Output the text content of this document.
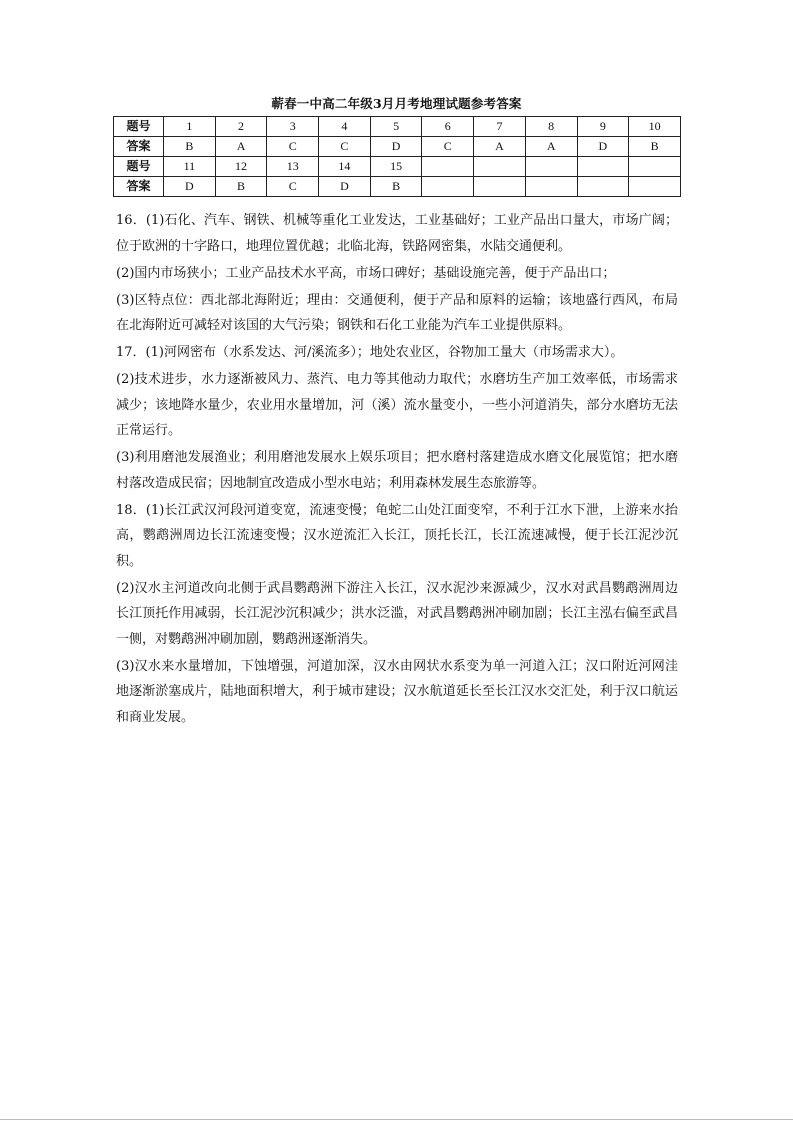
蕲春一中高二年级3月月考地理试题参考答案
题号	1	2	3	4	5	6	7	8	9	10
答案	B	A	C	C	D	C	A	A	D	B
题号	11	12	13	14	15					
答案	D	B	C	D	B					

16．(1)石化、汽车、钢铁、机械等重化工业发达，工业基础好；工业产品出口量大，市场广阔；位于欧洲的十字路口，地理位置优越；北临北海，铁路网密集，水陆交通便利。

(2)国内市场狭小；工业产品技术水平高，市场口碑好；基础设施完善，便于产品出口；

(3)区特点位：西北部北海附近；理由：交通便利，便于产品和原料的运输；该地盛行西风，布局在北海附近可减轻对该国的大气污染；钢铁和石化工业能为汽车工业提供原料。

17．(1)河网密布（水系发达、河/溪流多）；地处农业区，谷物加工量大（市场需求大）。

(2)技术进步，水力逐渐被风力、蒸汽、电力等其他动力取代；水磨坊生产加工效率低，市场需求减少；该地降水量少，农业用水量增加，河（溪）流水量变小，一些小河道消失，部分水磨坊无法正常运行。

(3)利用磨池发展渔业；利用磨池发展水上娱乐项目；把水磨村落建造成水磨文化展览馆；把水磨村落改造成民宿；因地制宜改造成小型水电站；利用森林发展生态旅游等。

18．(1)长江武汉河段河道变宽，流速变慢；龟蛇二山处江面变窄，不利于江水下泄，上游来水抬高，鹦鹉洲周边长江流速变慢；汉水逆流汇入长江，顶托长江，长江流速减慢，便于长江泥沙沉积。

(2)汉水主河道改向北侧于武昌鹦鹉洲下游注入长江，汉水泥沙来源减少，汉水对武昌鹦鹉洲周边长江顶托作用减弱，长江泥沙沉积减少；洪水泛滥，对武昌鹦鹉洲冲刷加剧；长江主泓右偏至武昌一侧，对鹦鹉洲冲刷加剧，鹦鹉洲逐渐消失。

(3)汉水来水量增加，下蚀增强，河道加深，汉水由网状水系变为单一河道入江；汉口附近河网洼地逐渐淤塞成片，陆地面积增大，利于城市建设；汉水航道延长至长江汉水交汇处，利于汉口航运和商业发展。
